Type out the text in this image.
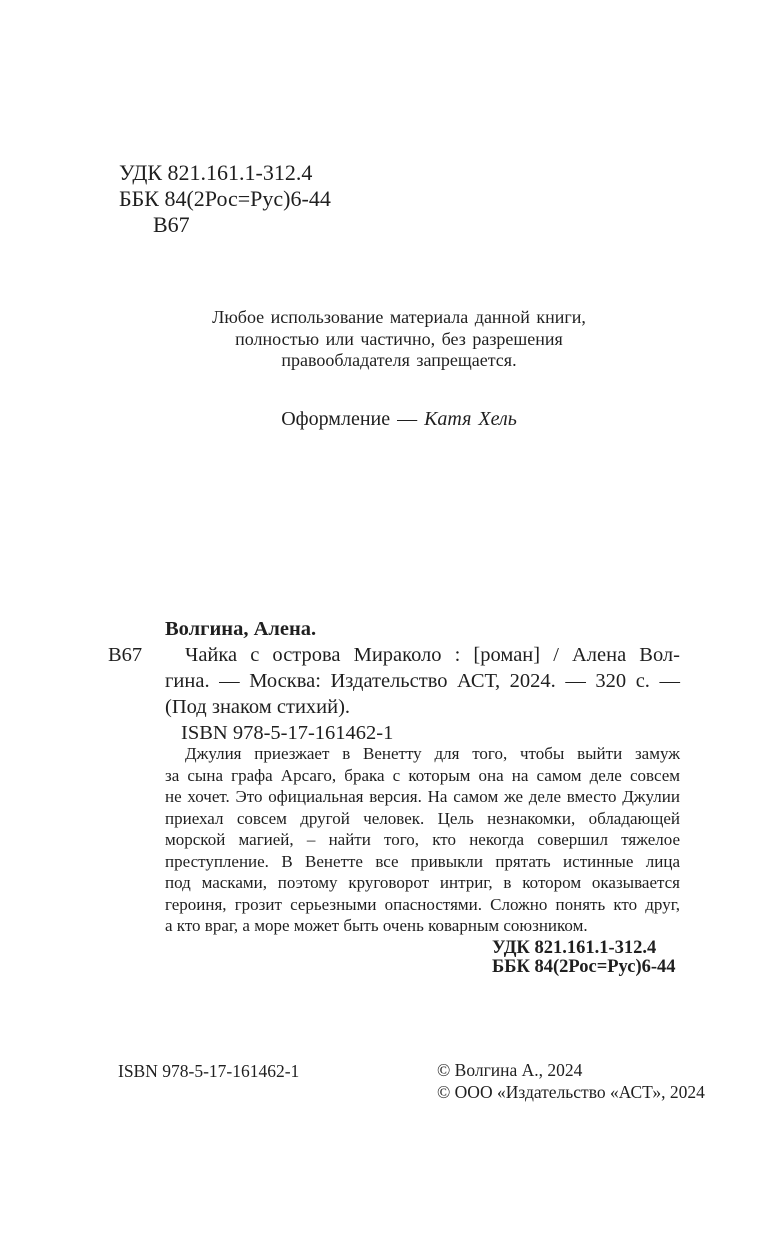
УДК 821.161.1-312.4
ББК 84(2Рос=Рус)6-44
В67
Любое использование материала данной книги,
полностью или частично, без разрешения
правообладателя запрещается.
Оформление — Катя Хель
В67
Волгина, Алена.
Чайка с острова Мираколо : [роман] / Алена Вол-
гина. — Москва: Издательство АСТ, 2024. — 320 с. —
(Под знаком стихий).
ISBN 978-5-17-161462-1
Джулия приезжает в Венетту для того, чтобы выйти замуж
за сына графа Арсаго, брака с которым она на самом деле совсем
не хочет. Это официальная версия. На самом же деле вместо Джулии
приехал совсем другой человек. Цель незнакомки, обладающей
морской магией, – найти того, кто некогда совершил тяжелое
преступление. В Венетте все привыкли прятать истинные лица
под масками, поэтому круговорот интриг, в котором оказывается
героиня, грозит серьезными опасностями. Сложно понять кто друг,
а кто враг, а море может быть очень коварным союзником.
УДК 821.161.1-312.4
ББК 84(2Рос=Рус)6-44
ISBN 978-5-17-161462-1	© Волгина А., 2024
© ООО «Издательство «АСТ», 2024
